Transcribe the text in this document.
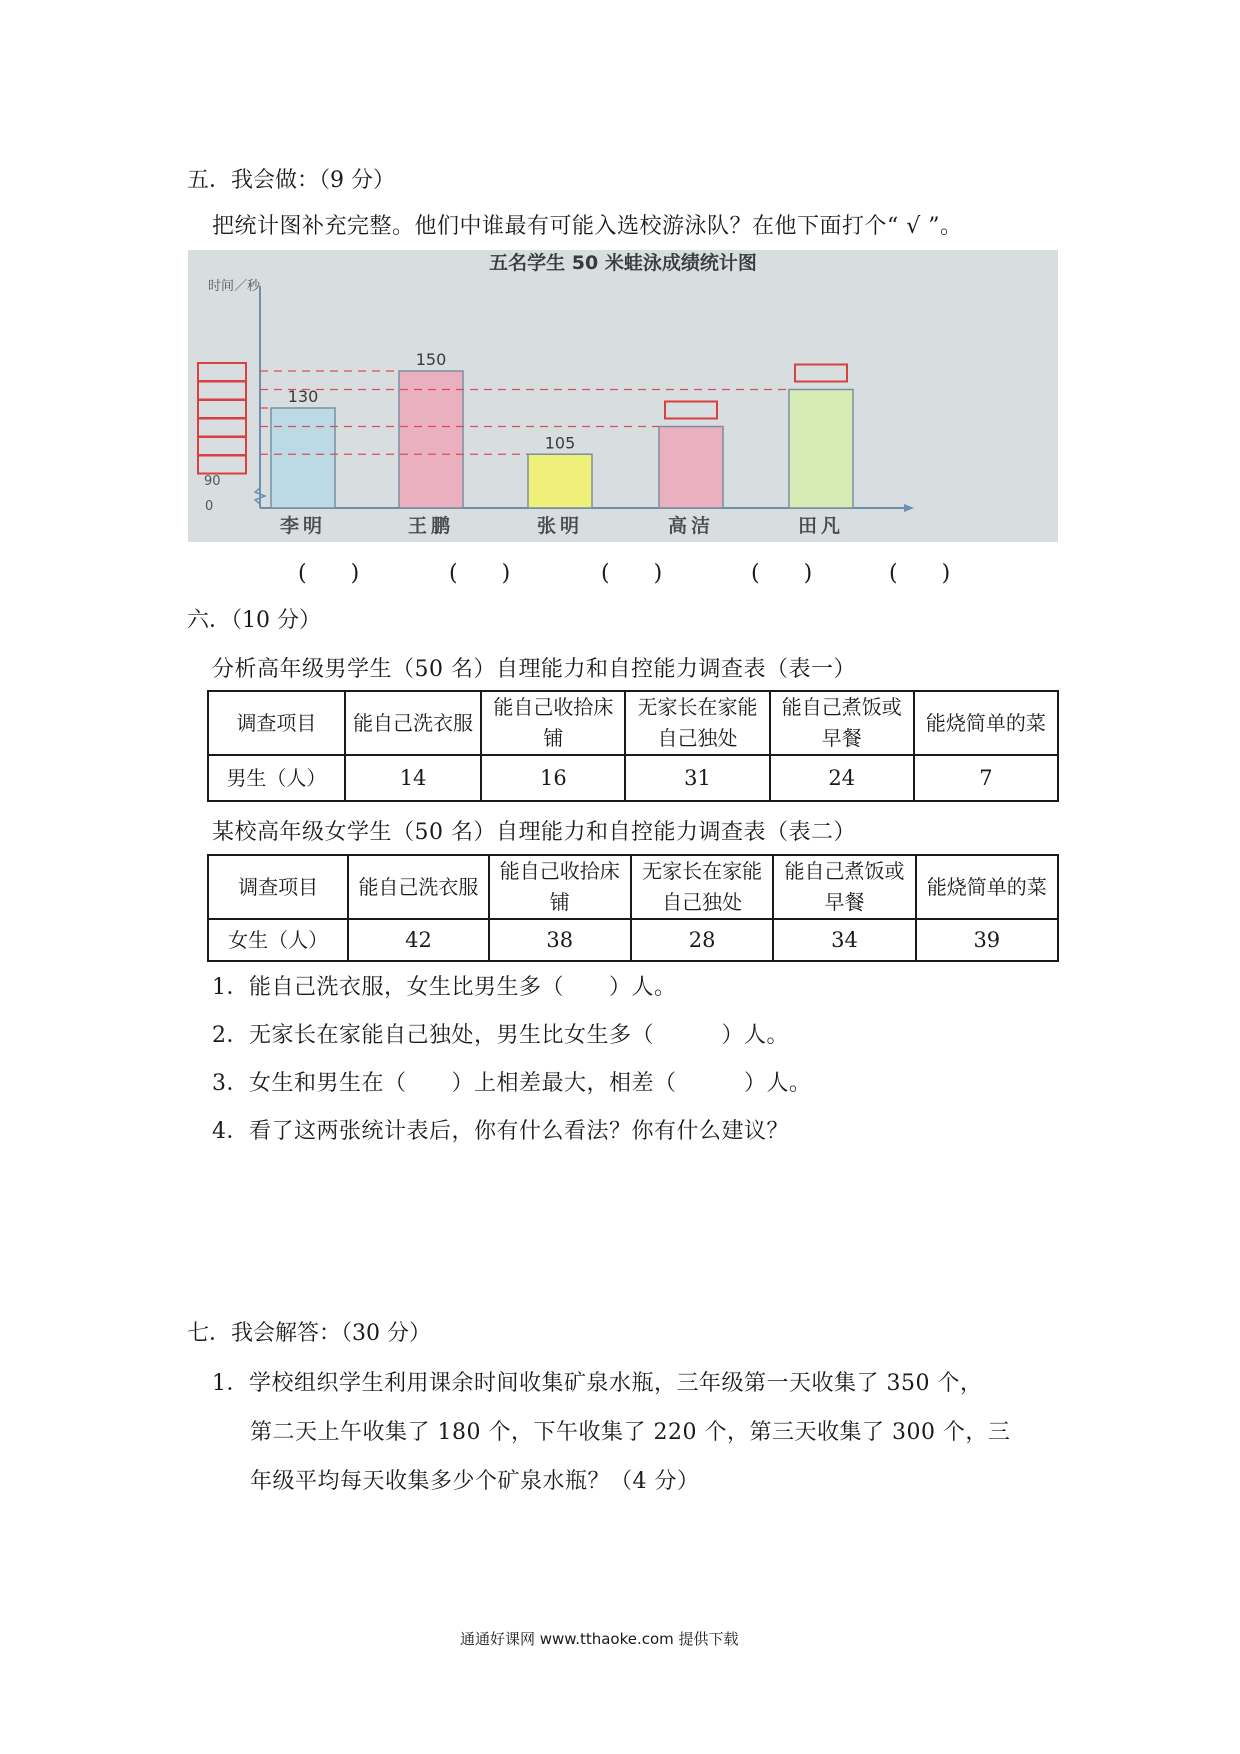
五．我会做：（9 分）
把统计图补充完整。他们中谁最有可能入选校游泳队？在他下面打个“ √ ”。
五名学生 50 米蛙泳成绩统计图
时间／秒
0
90
130
李明
150
王鹏
105
张明	高洁	田凡
(　　)	(　　)	(　　)	(　　)	(　　)
六．（10 分）
分析高年级男学生（50 名）自理能力和自控能力调查表（表一）
调查项目	能自己洗衣服	能自己收拾床铺	无家长在家能自己独处	能自己煮饭或早餐	能烧简单的菜
男生（人）	14	16	31	24	7
某校高年级女学生（50 名）自理能力和自控能力调查表（表二）
调查项目	能自己洗衣服	能自己收拾床铺	无家长在家能自己独处	能自己煮饭或早餐	能烧简单的菜
女生（人）	42	38	28	34	39
1．能自己洗衣服，女生比男生多（　　）人。
2．无家长在家能自己独处，男生比女生多（　　　）人。
3．女生和男生在（　　）上相差最大，相差（　　　）人。
4．看了这两张统计表后，你有什么看法？你有什么建议？
七．我会解答：（30 分）
1．学校组织学生利用课余时间收集矿泉水瓶，三年级第一天收集了 350 个，
第二天上午收集了 180 个，下午收集了 220 个，第三天收集了 300 个，三
年级平均每天收集多少个矿泉水瓶？（4 分）
通通好课网 www.tthaoke.com 提供下载
